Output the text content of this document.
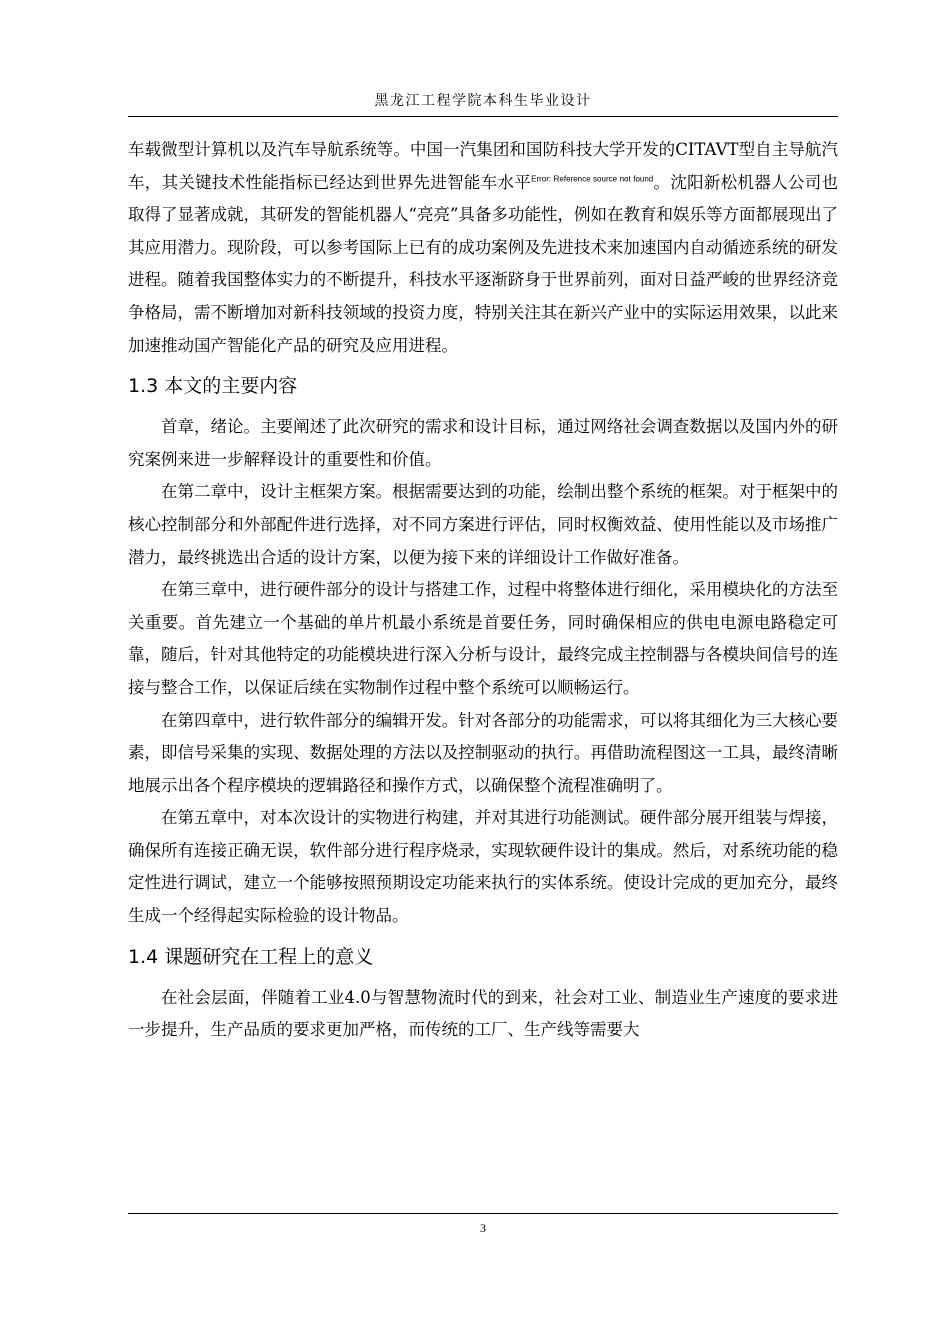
黑龙江工程学院本科生毕业设计

车载微型计算机以及汽车导航系统等。中国一汽集团和国防科技大学开发的CITAVT型自主导航汽车，其关键技术性能指标已经达到世界先进智能车水平$^{Error: Reference source not found}$。沈阳新松机器人公司也取得了显著成就，其研发的智能机器人“亮亮”具备多功能性，例如在教育和娱乐等方面都展现出了其应用潜力。现阶段，可以参考国际上已有的成功案例及先进技术来加速国内自动循迹系统的研发进程。随着我国整体实力的不断提升，科技水平逐渐跻身于世界前列，面对日益严峻的世界经济竞争格局，需不断增加对新科技领域的投资力度，特别关注其在新兴产业中的实际运用效果，以此来加速推动国产智能化产品的研究及应用进程。

1.3 本文的主要内容

首章，绪论。主要阐述了此次研究的需求和设计目标，通过网络社会调查数据以及国内外的研究案例来进一步解释设计的重要性和价值。

在第二章中，设计主框架方案。根据需要达到的功能，绘制出整个系统的框架。对于框架中的核心控制部分和外部配件进行选择，对不同方案进行评估，同时权衡效益、使用性能以及市场推广潜力，最终挑选出合适的设计方案，以便为接下来的详细设计工作做好准备。

在第三章中，进行硬件部分的设计与搭建工作，过程中将整体进行细化，采用模块化的方法至关重要。首先建立一个基础的单片机最小系统是首要任务，同时确保相应的供电电源电路稳定可靠，随后，针对其他特定的功能模块进行深入分析与设计，最终完成主控制器与各模块间信号的连接与整合工作，以保证后续在实物制作过程中整个系统可以顺畅运行。

在第四章中，进行软件部分的编辑开发。针对各部分的功能需求，可以将其细化为三大核心要素，即信号采集的实现、数据处理的方法以及控制驱动的执行。再借助流程图这一工具，最终清晰地展示出各个程序模块的逻辑路径和操作方式，以确保整个流程准确明了。

在第五章中，对本次设计的实物进行构建，并对其进行功能测试。硬件部分展开组装与焊接，确保所有连接正确无误，软件部分进行程序烧录，实现软硬件设计的集成。然后，对系统功能的稳定性进行调试，建立一个能够按照预期设定功能来执行的实体系统。使设计完成的更加充分，最终生成一个经得起实际检验的设计物品。

1.4 课题研究在工程上的意义

在社会层面，伴随着工业4.0与智慧物流时代的到来，社会对工业、制造业生产速度的要求进一步提升，生产品质的要求更加严格，而传统的工厂、生产线等需要大

3
